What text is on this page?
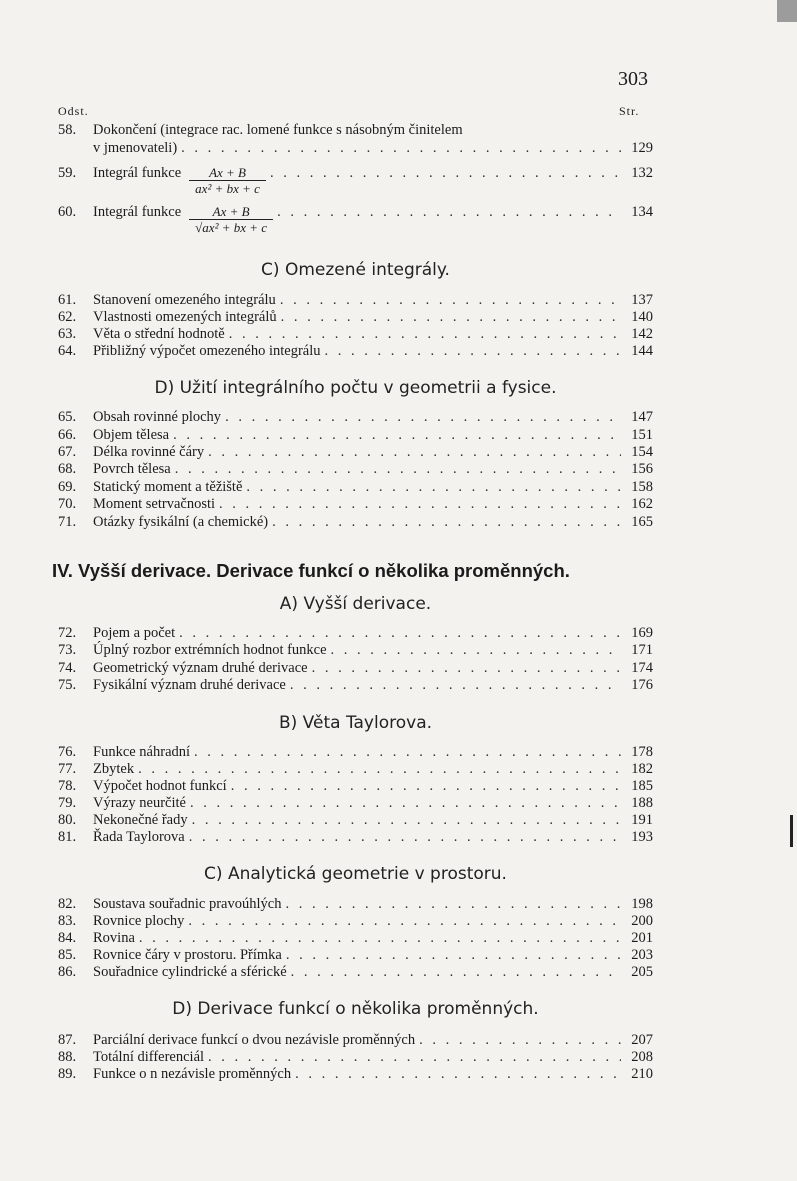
303
Odst.	Str.
58.	Dokončení (integrace rac. lomené funkce s násobným činitelem
v jmenovateli) . . .	129
59.	Integrál funkce $\frac{Ax + B}{\text{ax² + bx + c}}$ . . .	132
60.	Integrál funkce $\frac{Ax + B}{\text{√ax² + bx + c}}$ . . .	134
C) Omezené integrály.
61.	Stanovení omezeného integrálu . . .	137
62.	Vlastnosti omezených integrálů . . .	140
63.	Věta o střední hodnotě . . .	142
64.	Přibližný výpočet omezeného integrálu . . .	144
D) Užití integrálního počtu v geometrii a fysice.
65.	Obsah rovinné plochy . . .	147
66.	Objem tělesa . . .	151
67.	Délka rovinné čáry . . .	154
68.	Povrch tělesa . . .	156
69.	Statický moment a těžiště . . .	158
70.	Moment setrvačnosti . . .	162
71.	Otázky fysikální (a chemické) . . .	165
IV. Vyšší derivace. Derivace funkcí o několika proměnných.
A) Vyšší derivace.
72.	Pojem a počet . . .	169
73.	Úplný rozbor extrémních hodnot funkce . . .	171
74.	Geometrický význam druhé derivace . . .	174
75.	Fysikální význam druhé derivace . . .	176
B) Věta Taylorova.
76.	Funkce náhradní . . .	178
77.	Zbytek . . .	182
78.	Výpočet hodnot funkcí . . .	185
79.	Výrazy neurčité . . .	188
80.	Nekonečné řady . . .	191
81.	Řada Taylorova . . .	193
C) Analytická geometrie v prostoru.
82.	Soustava souřadnic pravoúhlých . . .	198
83.	Rovnice plochy . . .	200
84.	Rovina . . .	201
85.	Rovnice čáry v prostoru. Přímka . . .	203
86.	Souřadnice cylindrické a sférické . . .	205
D) Derivace funkcí o několika proměnných.
87.	Parciální derivace funkcí o dvou nezávisle proměnných . . .	207
88.	Totální differenciál . . .	208
89.	Funkce o n nezávisle proměnných . . .	210
